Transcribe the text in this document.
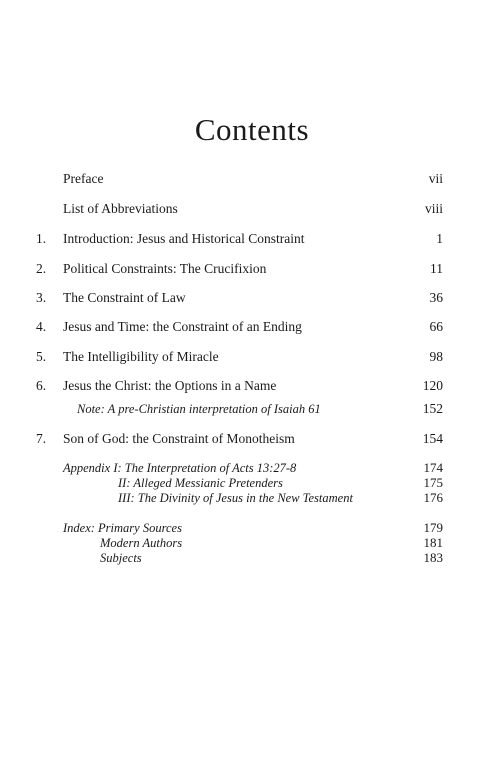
Contents
Preface	vii
List of Abbreviations	viii
1. Introduction: Jesus and Historical Constraint	1
2. Political Constraints: The Crucifixion	11
3. The Constraint of Law	36
4. Jesus and Time: the Constraint of an Ending	66
5. The Intelligibility of Miracle	98
6. Jesus the Christ: the Options in a Name	120
Note: A pre-Christian interpretation of Isaiah 61	152
7. Son of God: the Constraint of Monotheism	154
Appendix I: The Interpretation of Acts 13:27-8	174
II: Alleged Messianic Pretenders	175
III: The Divinity of Jesus in the New Testament	176
Index: Primary Sources	179
Modern Authors	181
Subjects	183
